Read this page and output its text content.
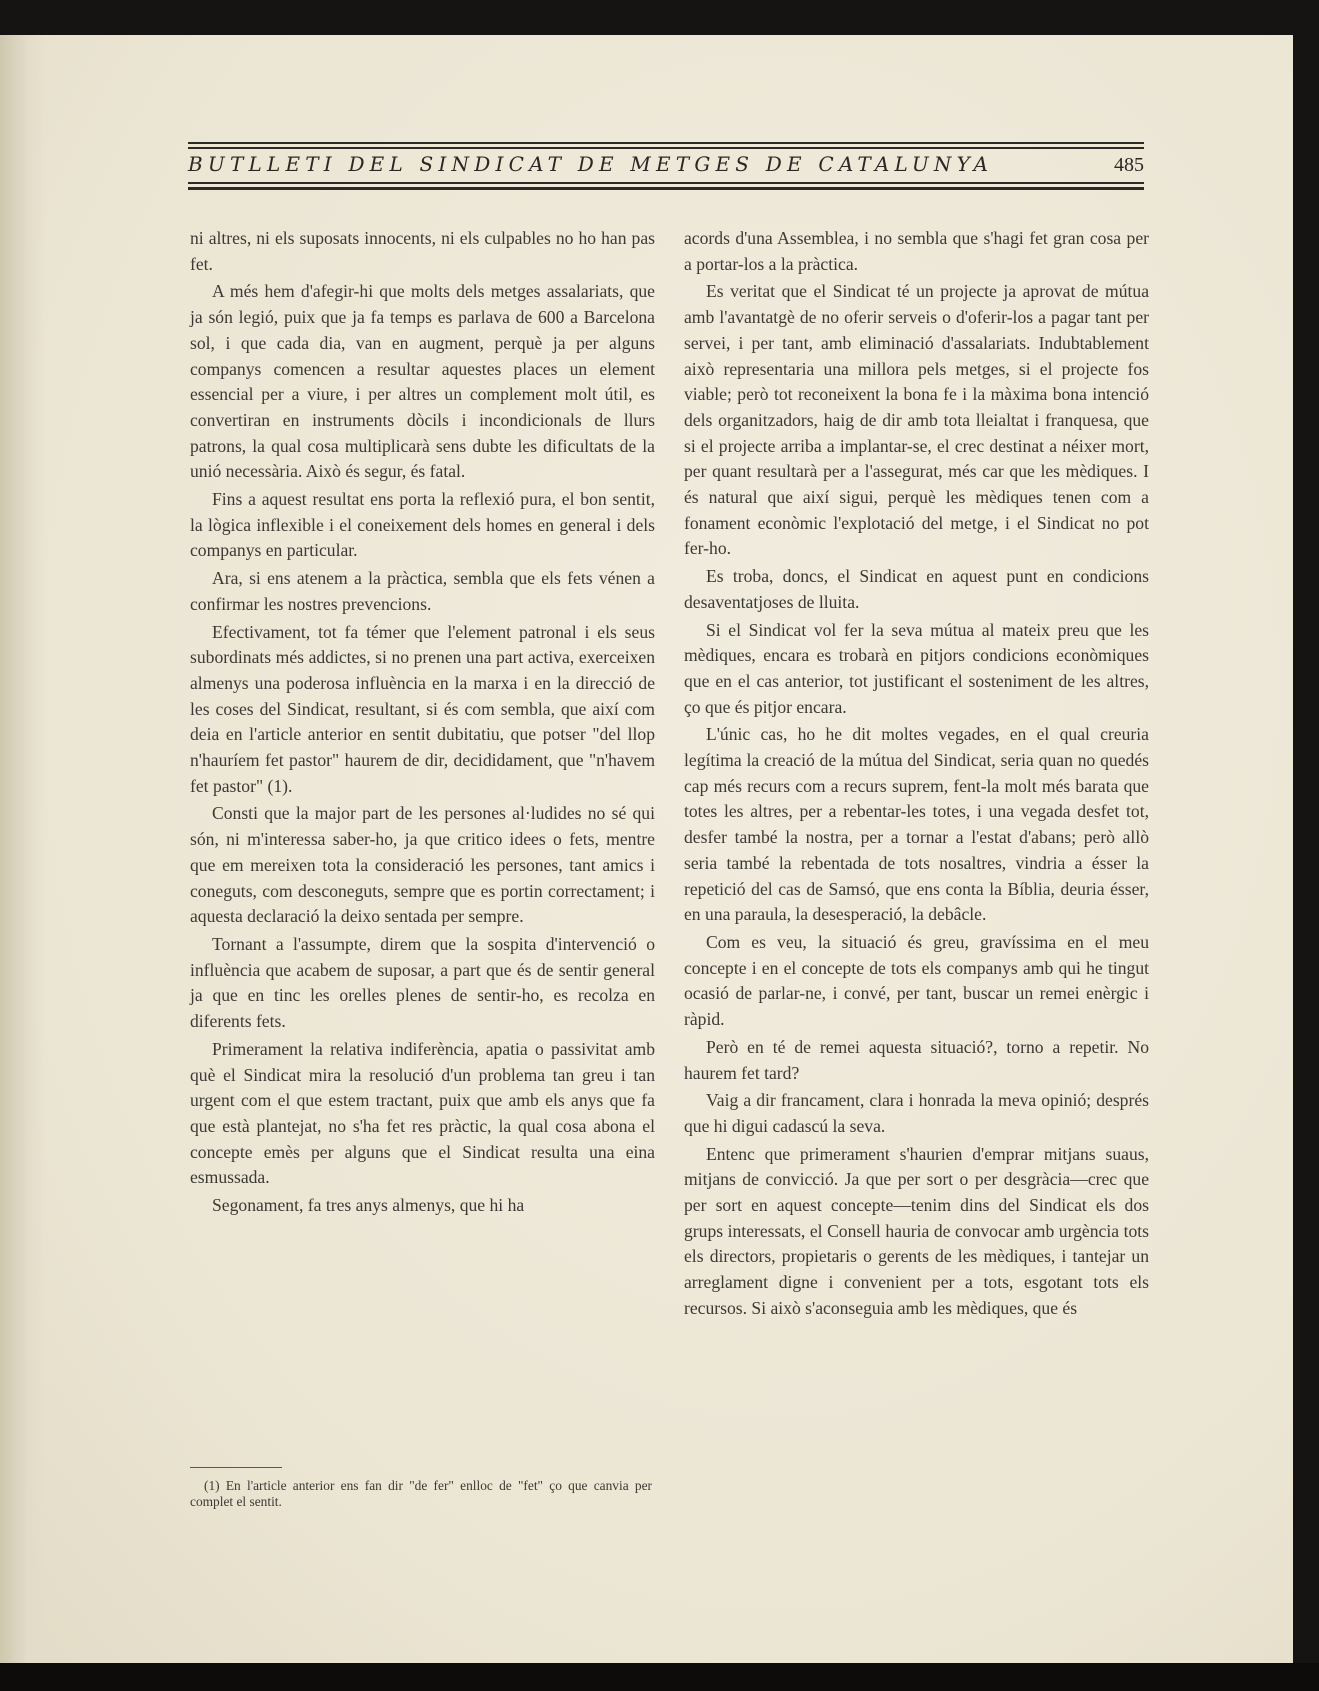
BUTLLETI DEL SINDICAT DE METGES DE CATALUNYA	485

ni altres, ni els suposats innocents, ni els culpables no ho han pas fet.

A més hem d'afegir-hi que molts dels metges assalariats, que ja són legió, puix que ja fa temps es parlava de 600 a Barcelona sol, i que cada dia, van en augment, perquè ja per alguns companys comencen a resultar aquestes places un element essencial per a viure, i per altres un complement molt útil, es convertiran en instruments dòcils i incondicionals de llurs patrons, la qual cosa multiplicarà sens dubte les dificultats de la unió necessària. Això és segur, és fatal.

Fins a aquest resultat ens porta la reflexió pura, el bon sentit, la lògica inflexible i el coneixement dels homes en general i dels companys en particular.

Ara, si ens atenem a la pràctica, sembla que els fets vénen a confirmar les nostres prevencions.

Efectivament, tot fa témer que l'element patronal i els seus subordinats més addictes, si no prenen una part activa, exerceixen almenys una poderosa influència en la marxa i en la direcció de les coses del Sindicat, resultant, si és com sembla, que així com deia en l'article anterior en sentit dubitatiu, que potser "del llop n'hauríem fet pastor" haurem de dir, decididament, que "n'havem fet pastor" (1).

Consti que la major part de les persones al·ludides no sé qui són, ni m'interessa saber-ho, ja que critico idees o fets, mentre que em mereixen tota la consideració les persones, tant amics i coneguts, com desconeguts, sempre que es portin correctament; i aquesta declaració la deixo sentada per sempre.

Tornant a l'assumpte, direm que la sospita d'intervenció o influència que acabem de suposar, a part que és de sentir general ja que en tinc les orelles plenes de sentir-ho, es recolza en diferents fets.

Primerament la relativa indiferència, apatia o passivitat amb què el Sindicat mira la resolució d'un problema tan greu i tan urgent com el que estem tractant, puix que amb els anys que fa que està plantejat, no s'ha fet res pràctic, la qual cosa abona el concepte emès per alguns que el Sindicat resulta una eina esmussada.

Segonament, fa tres anys almenys, que hi ha

(1) En l'article anterior ens fan dir "de fer" enlloc de "fet" ço que canvia per complet el sentit.

acords d'una Assemblea, i no sembla que s'hagi fet gran cosa per a portar-los a la pràctica.

Es veritat que el Sindicat té un projecte ja aprovat de mútua amb l'avantatgè de no oferir serveis o d'oferir-los a pagar tant per servei, i per tant, amb eliminació d'assalariats. Indubtablement això representaria una millora pels metges, si el projecte fos viable; però tot reconeixent la bona fe i la màxima bona intenció dels organitzadors, haig de dir amb tota lleialtat i franquesa, que si el projecte arriba a implantar-se, el crec destinat a néixer mort, per quant resultarà per a l'assegurat, més car que les mèdiques. I és natural que així sigui, perquè les mèdiques tenen com a fonament econòmic l'explotació del metge, i el Sindicat no pot fer-ho.

Es troba, doncs, el Sindicat en aquest punt en condicions desaventatjoses de lluita.

Si el Sindicat vol fer la seva mútua al mateix preu que les mèdiques, encara es trobarà en pitjors condicions econòmiques que en el cas anterior, tot justificant el sosteniment de les altres, ço que és pitjor encara.

L'únic cas, ho he dit moltes vegades, en el qual creuria legítima la creació de la mútua del Sindicat, seria quan no quedés cap més recurs com a recurs suprem, fent-la molt més barata que totes les altres, per a rebentar-les totes, i una vegada desfet tot, desfer també la nostra, per a tornar a l'estat d'abans; però allò seria també la rebentada de tots nosaltres, vindria a ésser la repetició del cas de Samsó, que ens conta la Bíblia, deuria ésser, en una paraula, la desesperació, la debâcle.

Com es veu, la situació és greu, gravíssima en el meu concepte i en el concepte de tots els companys amb qui he tingut ocasió de parlar-ne, i convé, per tant, buscar un remei enèrgic i ràpid.

Però en té de remei aquesta situació?, torno a repetir. No haurem fet tard?

Vaig a dir francament, clara i honrada la meva opinió; després que hi digui cadascú la seva.

Entenc que primerament s'haurien d'emprar mitjans suaus, mitjans de convicció. Ja que per sort o per desgràcia—crec que per sort en aquest concepte—tenim dins del Sindicat els dos grups interessats, el Consell hauria de convocar amb urgència tots els directors, propietaris o gerents de les mèdiques, i tantejar un arreglament digne i convenient per a tots, esgotant tots els recursos. Si això s'aconseguia amb les mèdiques, que és
